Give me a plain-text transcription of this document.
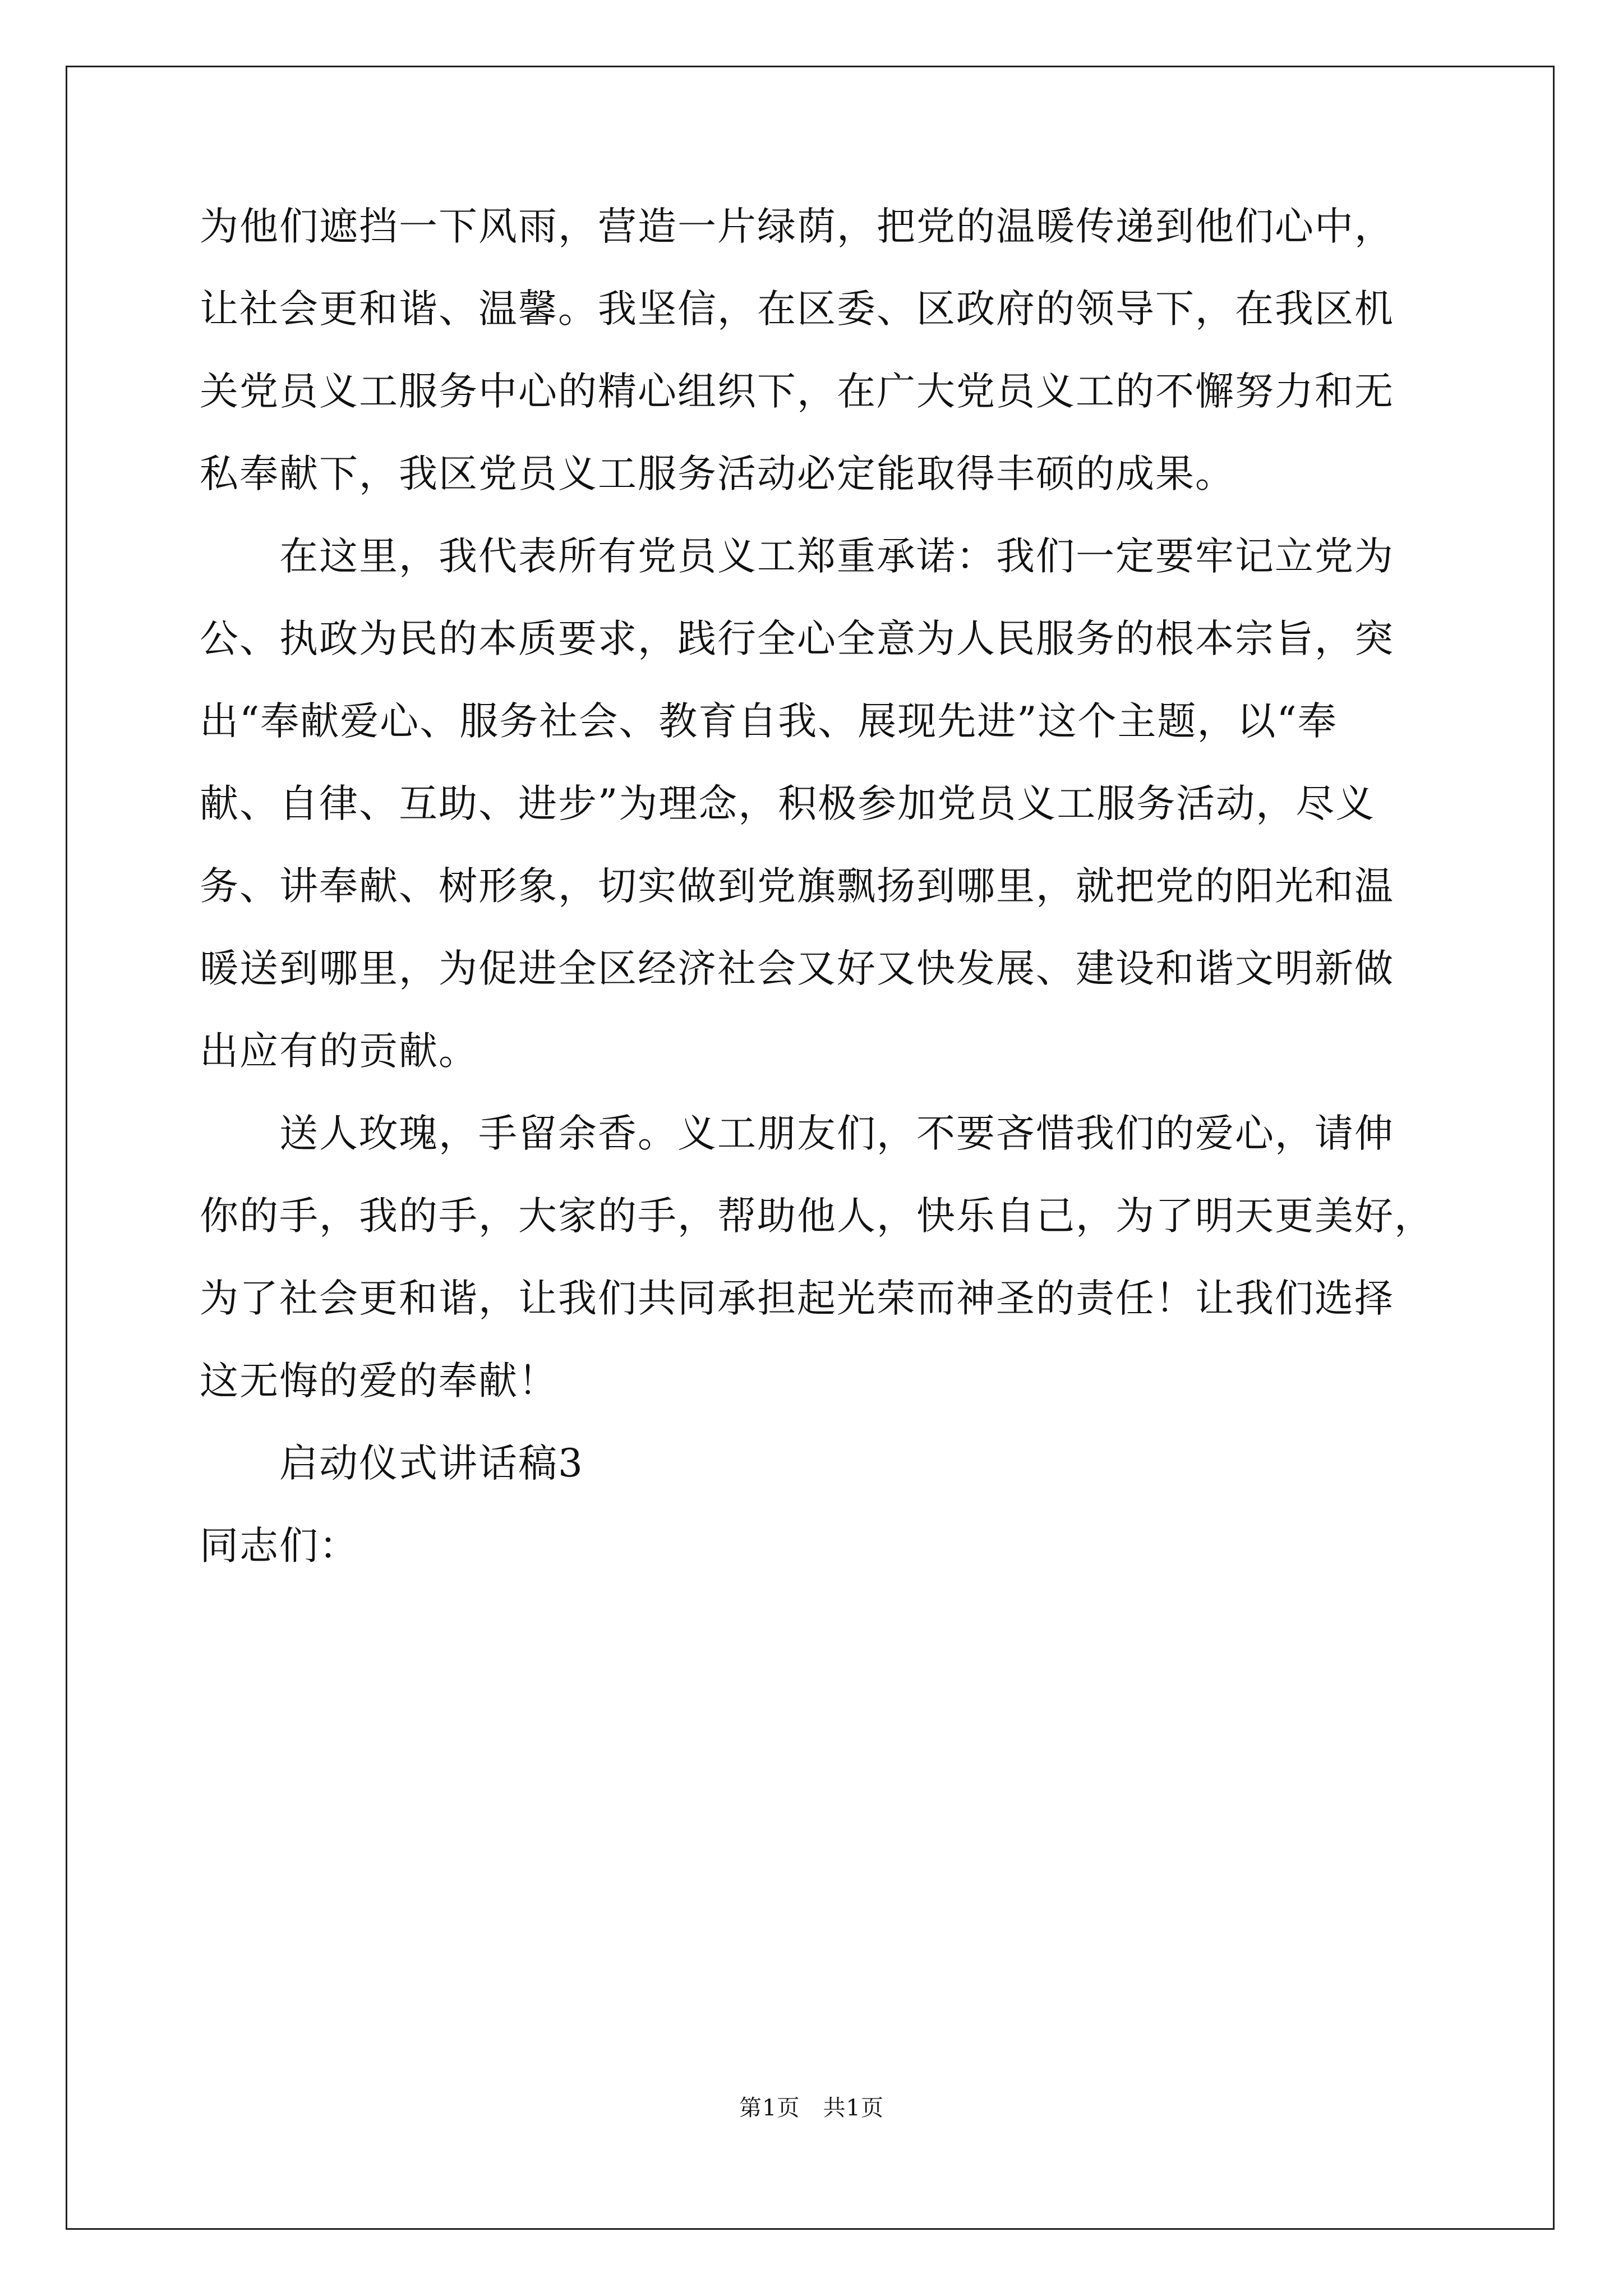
为他们遮挡一下风雨，营造一片绿荫，把党的温暖传递到他们心中，
让社会更和谐、温馨。我坚信，在区委、区政府的领导下，在我区机
关党员义工服务中心的精心组织下，在广大党员义工的不懈努力和无
私奉献下，我区党员义工服务活动必定能取得丰硕的成果。
在这里，我代表所有党员义工郑重承诺：我们一定要牢记立党为
公、执政为民的本质要求，践行全心全意为人民服务的根本宗旨，突
出“奉献爱心、服务社会、教育自我、展现先进”这个主题，以“奉
献、自律、互助、进步”为理念，积极参加党员义工服务活动，尽义
务、讲奉献、树形象，切实做到党旗飘扬到哪里，就把党的阳光和温
暖送到哪里，为促进全区经济社会又好又快发展、建设和谐文明新做
出应有的贡献。
送人玫瑰，手留余香。义工朋友们，不要吝惜我们的爱心，请伸
你的手，我的手，大家的手，帮助他人，快乐自己，为了明天更美好，
为了社会更和谐，让我们共同承担起光荣而神圣的责任！让我们选择
这无悔的爱的奉献！
启动仪式讲话稿3
同志们：
第1页　共1页
